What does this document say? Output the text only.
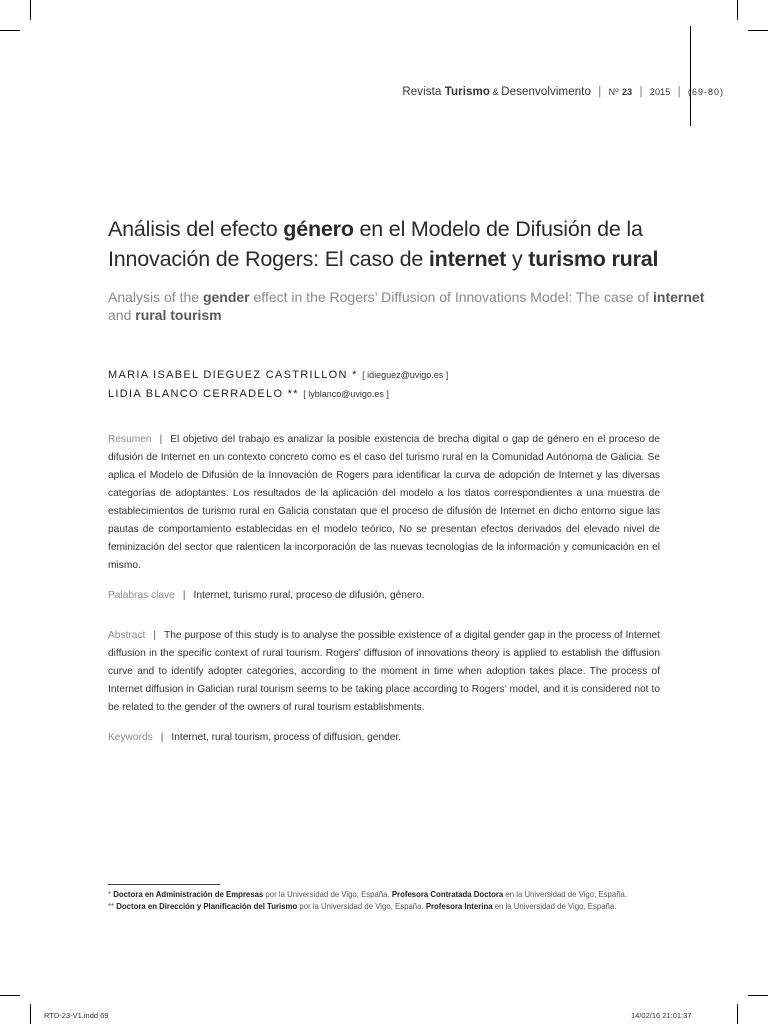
Revista Turismo & Desenvolvimento | Nº 23 | 2015 | (69-80)
Análisis del efecto género en el Modelo de Difusión de la Innovación de Rogers: El caso de internet y turismo rural
Analysis of the gender effect in the Rogers’ Diffusion of Innovations Model: The case of internet and rural tourism
MARIA ISABEL DIEGUEZ CASTRILLON * [ idieguez@uvigo.es ]
LIDIA BLANCO CERRADELO ** [ lyblanco@uvigo.es ]
Resumen | El objetivo del trabajo es analizar la posible existencia de brecha digital o gap de género en el proceso de difusión de Internet en un contexto concreto como es el caso del turismo rural en la Comunidad Autónoma de Galicia. Se aplica el Modelo de Difusión de la Innovación de Rogers para identificar la curva de adopción de Internet y las diversas categorías de adoptantes. Los resultados de la aplicación del modelo a los datos correspondientes a una muestra de establecimientos de turismo rural en Galicia constatan que el proceso de difusión de Internet en dicho entorno sigue las pautas de comportamiento establecidas en el modelo teórico, No se presentan efectos derivados del elevado nivel de feminización del sector que ralenticen la incorporación de las nuevas tecnologías de la información y comunicación en el mismo.
Palabras clave | Internet, turismo rural, proceso de difusión, género.
Abstract | The purpose of this study is to analyse the possible existence of a digital gender gap in the process of Internet diffusion in the specific context of rural tourism. Rogers’ diffusion of innovations theory is applied to establish the diffusion curve and to identify adopter categories, according to the moment in time when adoption takes place. The process of Internet diffusion in Galician rural tourism seems to be taking place according to Rogers’ model, and it is considered not to be related to the gender of the owners of rural tourism establishments.
Keywords | Internet, rural tourism, process of diffusion, gender.
* Doctora en Administración de Empresas por la Universidad de Vigo, España. Profesora Contratada Doctora en la Universidad de Vigo, España.
** Doctora en Dirección y Planificación del Turismo por la Universidad de Vigo, España. Profesora Interina en la Universidad de Vigo, España.
RTD-23-V1.indd 69	14/02/16 21:01:37
